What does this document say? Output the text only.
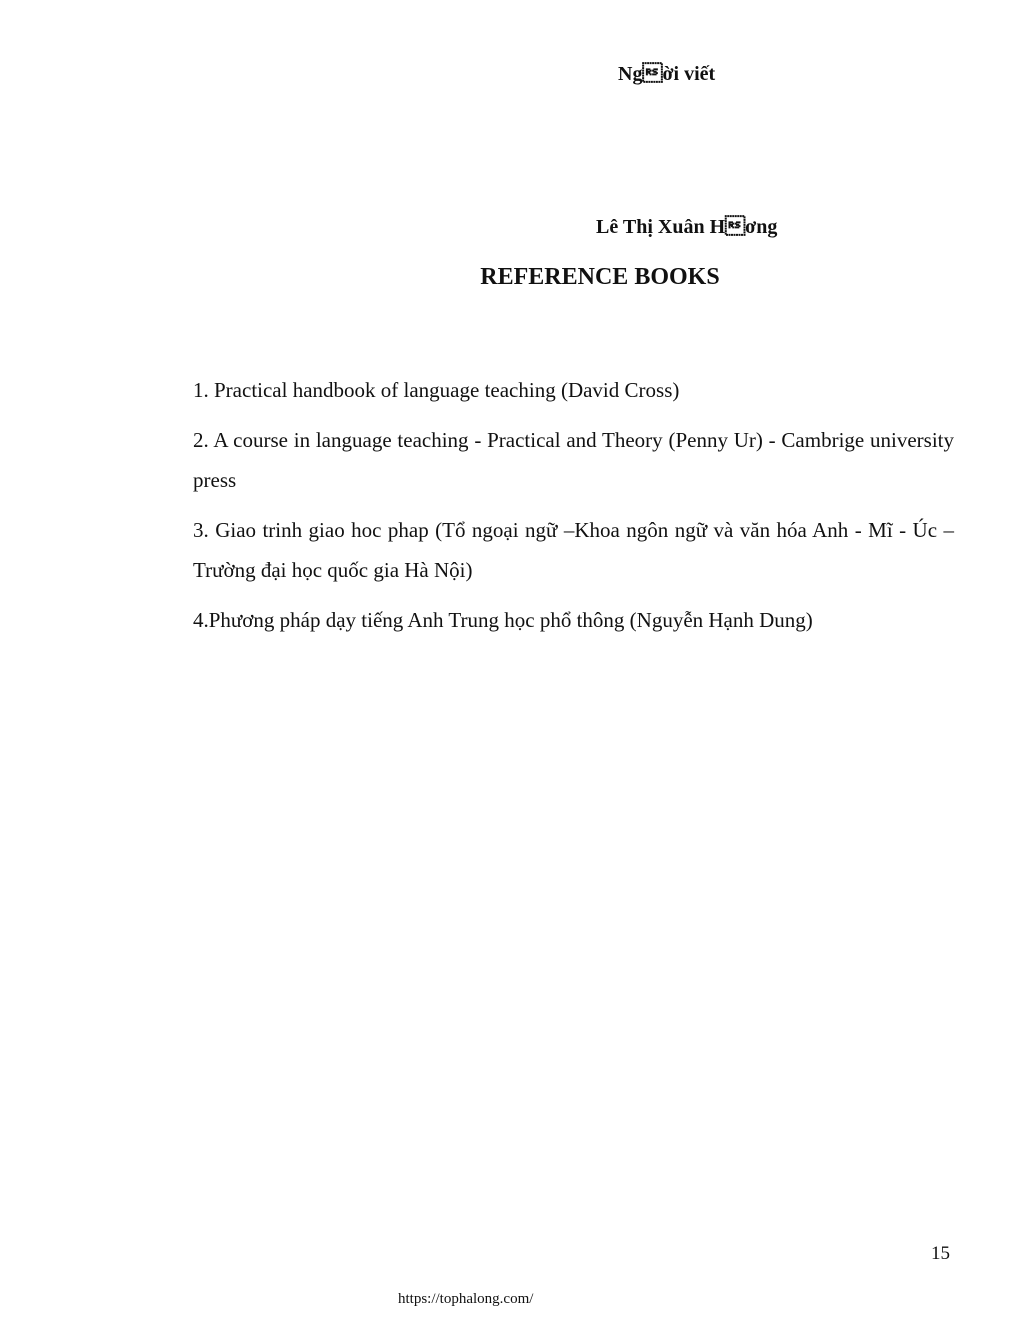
Ngời viết
Lê Thị Xuân Hơng
REFERENCE BOOKS
1. Practical handbook of language teaching (David Cross)
2. A course in language teaching - Practical and Theory (Penny Ur) - Cambrige university press
3. Giao trinh giao hoc phap (Tổ ngoại ngữ –Khoa ngôn ngữ và văn hóa Anh - Mĩ - Úc – Trường đại học quốc gia Hà Nội)
4.Phương pháp dạy tiếng Anh Trung học phổ thông (Nguyễn Hạnh Dung)
15
https://tophalong.com/
